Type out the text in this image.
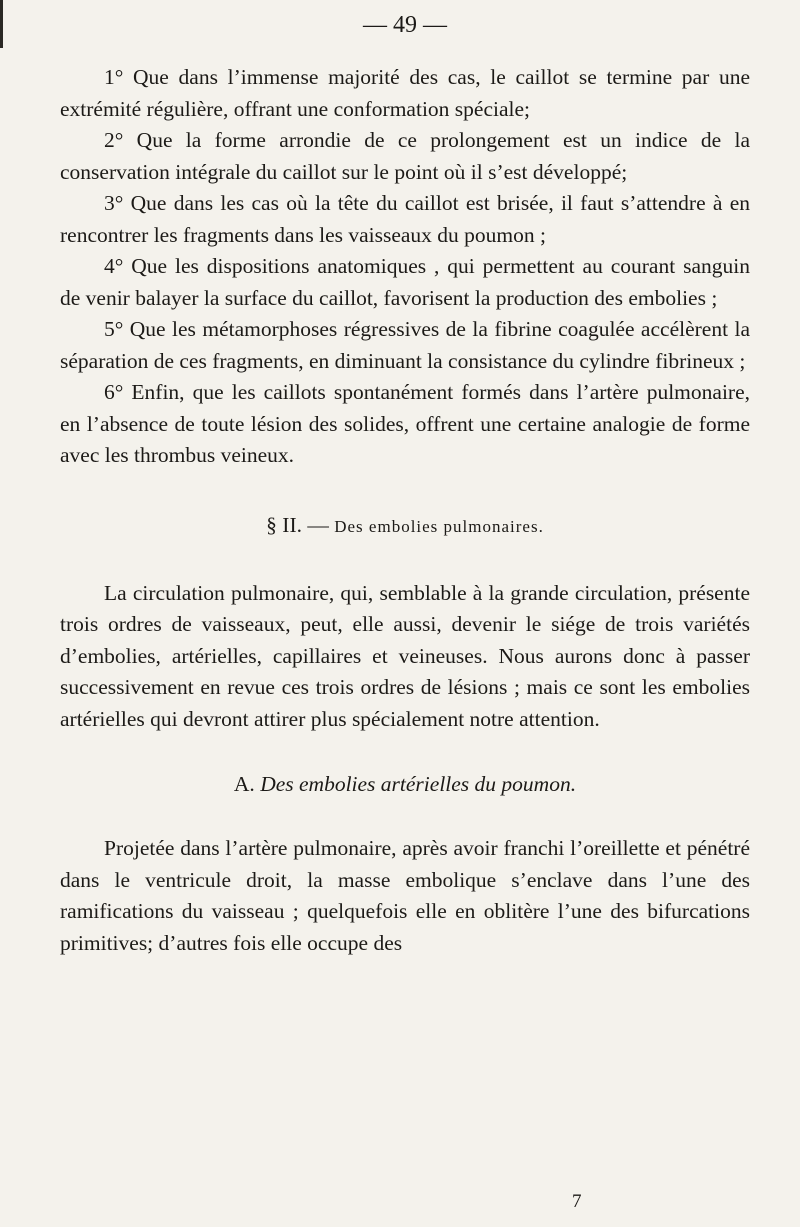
— 49 —

1° Que dans l’immense majorité des cas, le caillot se termine par une extrémité régulière, offrant une conformation spéciale;

2° Que la forme arrondie de ce prolongement est un indice de la conservation intégrale du caillot sur le point où il s’est développé;

3° Que dans les cas où la tête du caillot est brisée, il faut s’attendre à en rencontrer les fragments dans les vaisseaux du poumon ;

4° Que les dispositions anatomiques , qui permettent au courant sanguin de venir balayer la surface du caillot, favorisent la production des embolies ;

5° Que les métamorphoses régressives de la fibrine coagulée accélèrent la séparation de ces fragments, en diminuant la consistance du cylindre fibrineux ;

6° Enfin, que les caillots spontanément formés dans l’artère pulmonaire, en l’absence de toute lésion des solides, offrent une certaine analogie de forme avec les thrombus veineux.

§ II. — Des embolies pulmonaires.

La circulation pulmonaire, qui, semblable à la grande circulation, présente trois ordres de vaisseaux, peut, elle aussi, devenir le siége de trois variétés d’embolies, artérielles, capillaires et veineuses. Nous aurons donc à passer successivement en revue ces trois ordres de lésions ; mais ce sont les embolies artérielles qui devront attirer plus spécialement notre attention.

A. Des embolies artérielles du poumon.

Projetée dans l’artère pulmonaire, après avoir franchi l’oreillette et pénétré dans le ventricule droit, la masse embolique s’enclave dans l’une des ramifications du vaisseau ; quelquefois elle en oblitère l’une des bifurcations primitives; d’autres fois elle occupe des

7
